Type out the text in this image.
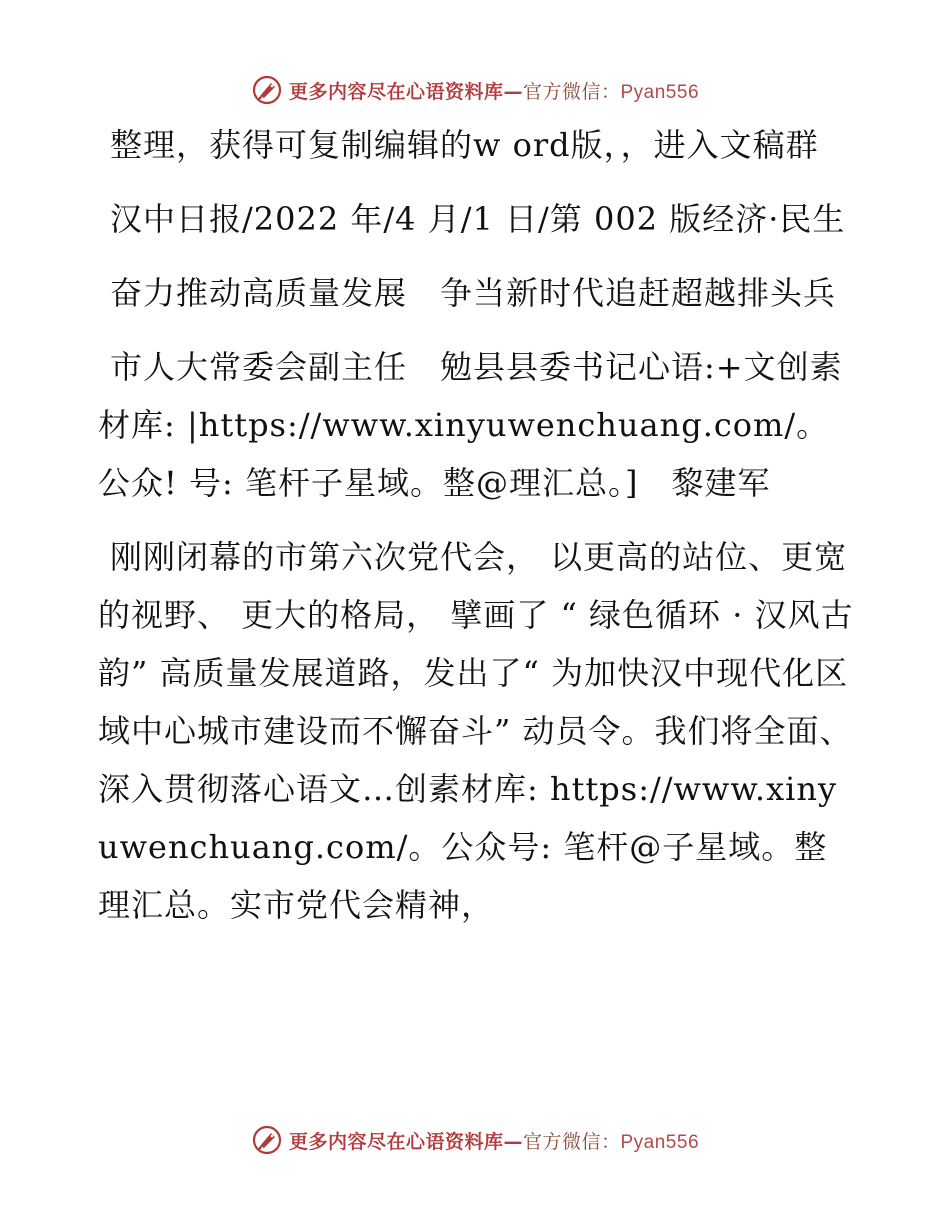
更多内容尽在心语资料库—官方微信：Pyan556

整理，获得可复制编辑的w ord版，，进入文稿群

汉中日报/2022 年/4 月/1 日/第 002 版经济·民生

奋力推动高质量发展　争当新时代追赶超越排头兵

市人大常委会副主任　勉县县委书记心语:+文创素材库: |https://www.xinyuwenchuang.com/。公众! 号: 笔杆子星域。整@理汇总。]　黎建军

刚刚闭幕的市第六次党代会， 以更高的站位、更宽的视野、 更大的格局， 擘画了 “ 绿色循环 · 汉风古韵” 高质量发展道路，发出了“ 为加快汉中现代化区域中心城市建设而不懈奋斗” 动员令。我们将全面、深入贯彻落心语文…创素材库: https://www.xinyuwenchuang.com/。公众号: 笔杆@子星域。整理汇总。实市党代会精神，

更多内容尽在心语资料库—官方微信：Pyan556
